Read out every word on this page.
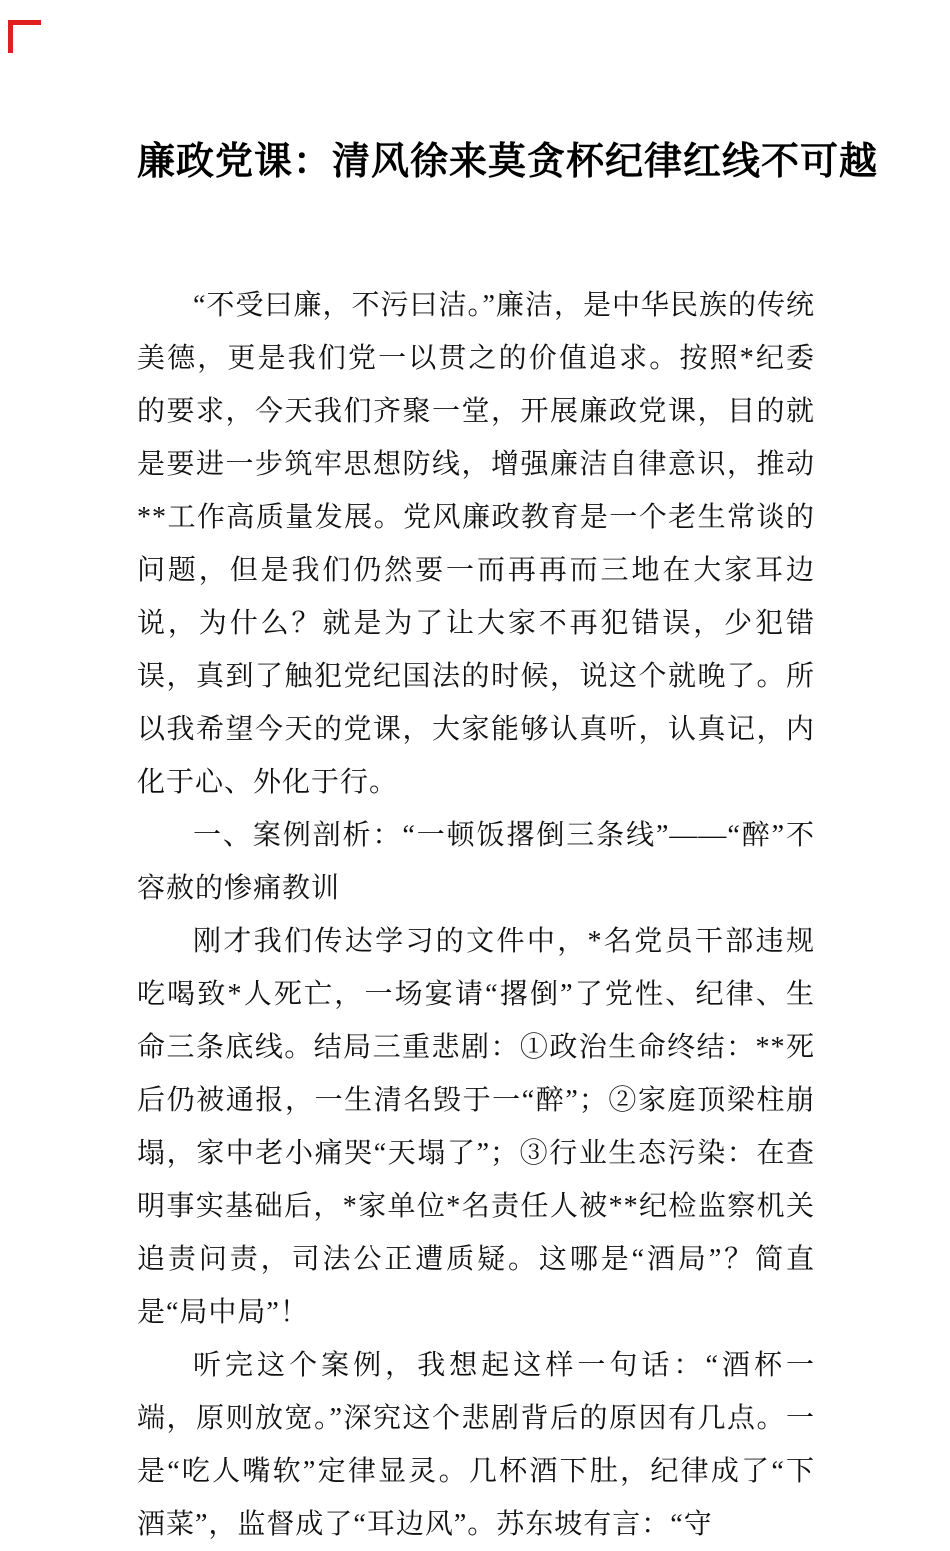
廉政党课：清风徐来莫贪杯纪律红线不可越

“不受曰廉，不污曰洁。”廉洁，是中华民族的传统美德，更是我们党一以贯之的价值追求。按照*纪委的要求，今天我们齐聚一堂，开展廉政党课，目的就是要进一步筑牢思想防线，增强廉洁自律意识，推动**工作高质量发展。党风廉政教育是一个老生常谈的问题，但是我们仍然要一而再再而三地在大家耳边说，为什么？就是为了让大家不再犯错误，少犯错误，真到了触犯党纪国法的时候，说这个就晚了。所以我希望今天的党课，大家能够认真听，认真记，内化于心、外化于行。

一、案例剖析：“一顿饭撂倒三条线”——“醉”不容赦的惨痛教训

刚才我们传达学习的文件中，*名党员干部违规吃喝致*人死亡，一场宴请“撂倒”了党性、纪律、生命三条底线。结局三重悲剧：①政治生命终结：**死后仍被通报，一生清名毁于一“醉”；②家庭顶梁柱崩塌，家中老小痛哭“天塌了”；③行业生态污染：在查明事实基础后，*家单位*名责任人被**纪检监察机关追责问责，司法公正遭质疑。这哪是“酒局”？简直是“局中局”！

听完这个案例，我想起这样一句话：“酒杯一端，原则放宽。”深究这个悲剧背后的原因有几点。一是“吃人嘴软”定律显灵。几杯酒下肚，纪律成了“下酒菜”，监督成了“耳边风”。苏东坡有言：“守
